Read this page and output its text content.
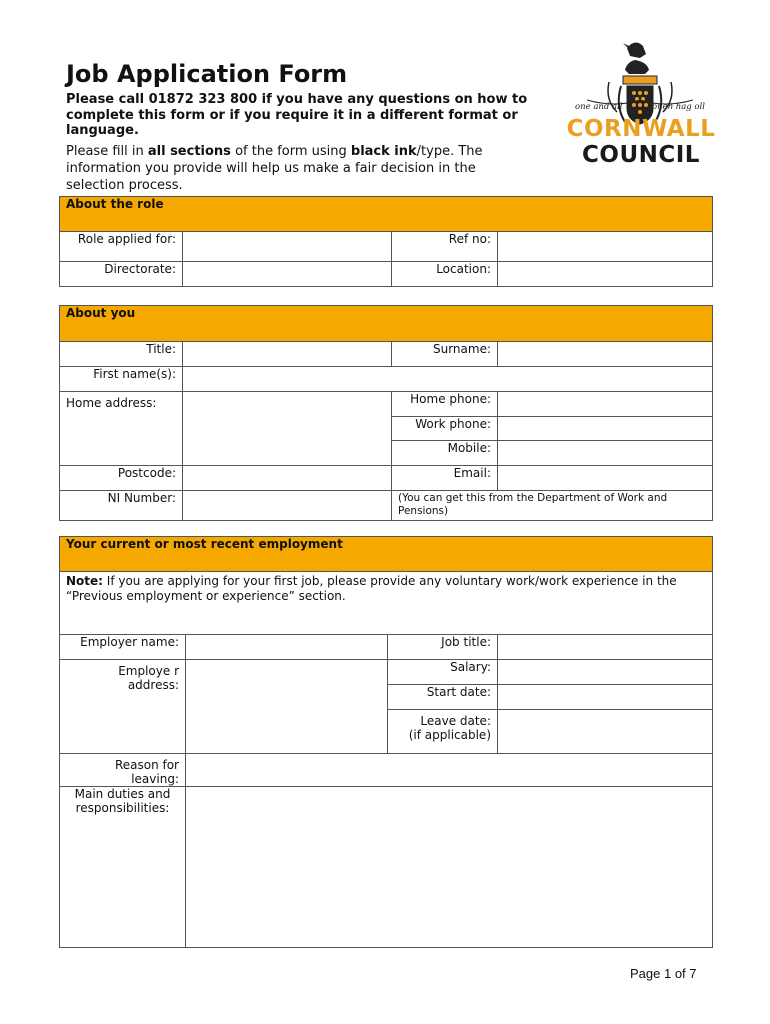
Job Application Form
Please call 01872 323 800 if you have any questions on how to complete this form or if you require it in a different format or language.
Please fill in all sections of the form using black ink/type. The information you provide will help us make a fair decision in the selection process.
one and all	onen hag oll
CORNWALL
COUNCIL
About the role			
Role applied for:		Ref no:	
Directorate:		Location:	
About you			
Title:		Surname:	
First name(s):			
Home address:		Home phone:	
		Work phone:	
		Mobile:	
Postcode:		Email:	
NI Number:		(You can get this from the Department of Work and Pensions)	
Your current or most recent employment			
Note: If you are applying for your first job, please provide any voluntary work/work experience in the “Previous employment or experience” section.			
Employer name:		Job title:	
Employe r address:		Salary:	
		Start date:	
		Leave date: (if applicable)	
Reason for leaving:			
Main duties and responsibilities:			
Page 1 of 7
